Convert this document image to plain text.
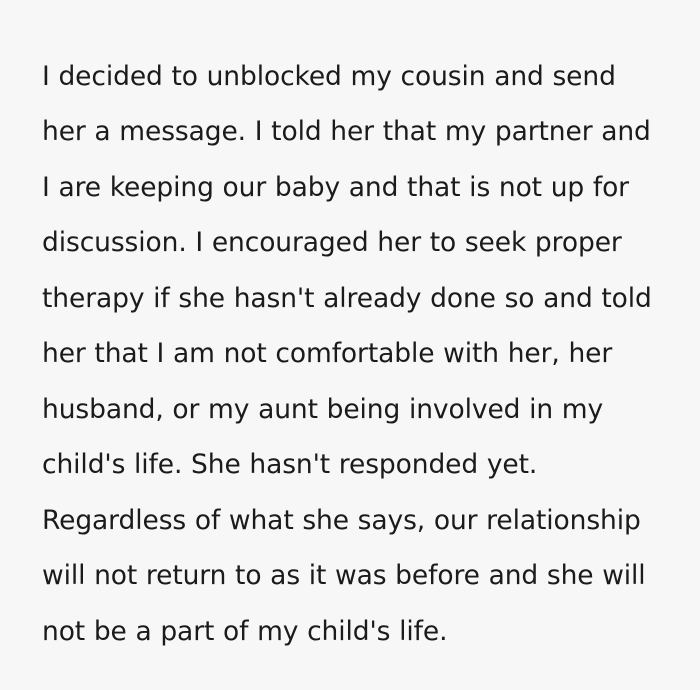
I decided to unblocked my cousin and send her a message. I told her that my partner and I are keeping our baby and that is not up for discussion. I encouraged her to seek proper therapy if she hasn't already done so and told her that I am not comfortable with her, her husband, or my aunt being involved in my child's life. She hasn't responded yet. Regardless of what she says, our relationship will not return to as it was before and she will not be a part of my child's life.
